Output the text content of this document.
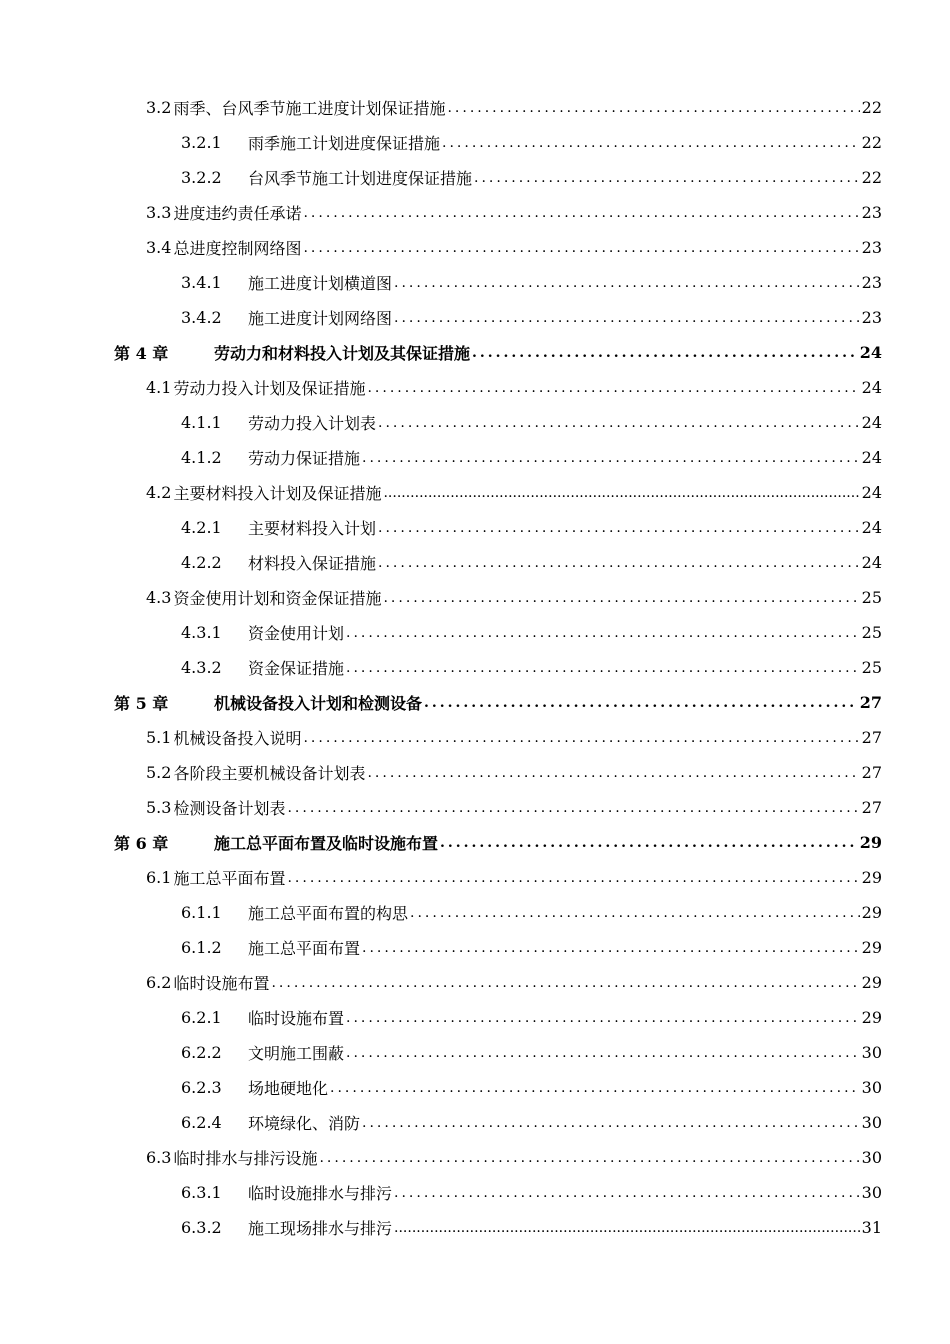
3.2 雨季、台风季节施工进度计划保证措施 .....	22
3.2.1	雨季施工计划进度保证措施 .....	22
3.2.2	台风季节施工计划进度保证措施 .....	22
3.3 进度违约责任承诺 .....	23
3.4 总进度控制网络图 .....	23
3.4.1	施工进度计划横道图 .....	23
3.4.2	施工进度计划网络图 .....	23
第 4 章	劳动力和材料投入计划及其保证措施 .....	24
4.1 劳动力投入计划及保证措施 .....	24
4.1.1	劳动力投入计划表 .....	24
4.1.2	劳动力保证措施 .....	24
4.2 主要材料投入计划及保证措施 .....	24
4.2.1	主要材料投入计划 .....	24
4.2.2	材料投入保证措施 .....	24
4.3 资金使用计划和资金保证措施 .....	25
4.3.1	资金使用计划 .....	25
4.3.2	资金保证措施 .....	25
第 5 章	机械设备投入计划和检测设备 .....	27
5.1 机械设备投入说明 .....	27
5.2 各阶段主要机械设备计划表 .....	27
5.3 检测设备计划表 .....	27
第 6 章	施工总平面布置及临时设施布置 .....	29
6.1 施工总平面布置 .....	29
6.1.1	施工总平面布置的构思 .....	29
6.1.2	施工总平面布置 .....	29
6.2 临时设施布置 .....	29
6.2.1	临时设施布置 .....	29
6.2.2	文明施工围蔽 .....	30
6.2.3	场地硬地化 .....	30
6.2.4	环境绿化、消防 .....	30
6.3 临时排水与排污设施 .....	30
6.3.1	临时设施排水与排污 .....	30
6.3.2	施工现场排水与排污 .....	31
